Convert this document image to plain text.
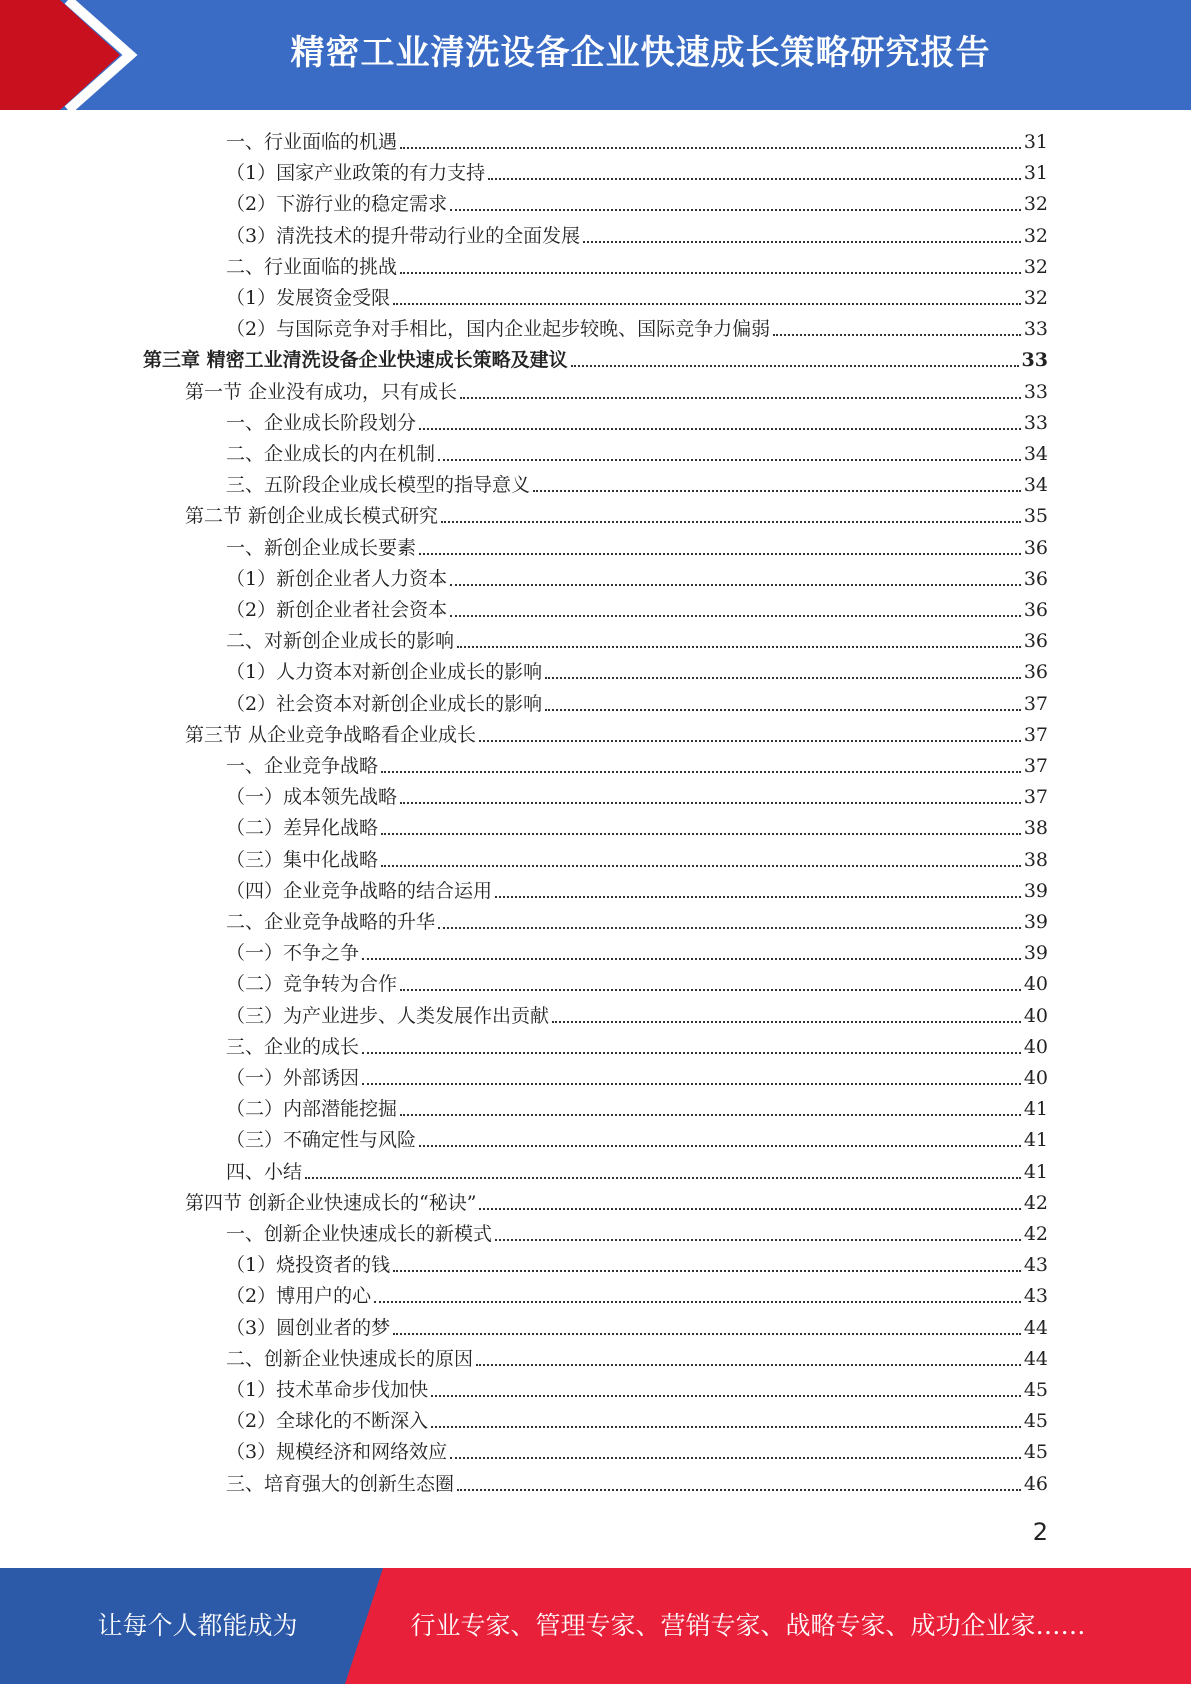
精密工业清洗设备企业快速成长策略研究报告
一、行业面临的机遇	31
（1）国家产业政策的有力支持	31
（2）下游行业的稳定需求	32
（3）清洗技术的提升带动行业的全面发展	32
二、行业面临的挑战	32
（1）发展资金受限	32
（2）与国际竞争对手相比，国内企业起步较晚、国际竞争力偏弱	33
第三章 精密工业清洗设备企业快速成长策略及建议	33
第一节 企业没有成功，只有成长	33
一、企业成长阶段划分	33
二、企业成长的内在机制	34
三、五阶段企业成长模型的指导意义	34
第二节 新创企业成长模式研究	35
一、新创企业成长要素	36
（1）新创企业者人力资本	36
（2）新创企业者社会资本	36
二、对新创企业成长的影响	36
（1）人力资本对新创企业成长的影响	36
（2）社会资本对新创企业成长的影响	37
第三节 从企业竞争战略看企业成长	37
一、企业竞争战略	37
（一）成本领先战略	37
（二）差异化战略	38
（三）集中化战略	38
（四）企业竞争战略的结合运用	39
二、企业竞争战略的升华	39
（一）不争之争	39
（二）竞争转为合作	40
（三）为产业进步、人类发展作出贡献	40
三、企业的成长	40
（一）外部诱因	40
（二）内部潜能挖掘	41
（三）不确定性与风险	41
四、小结	41
第四节 创新企业快速成长的“秘诀”	42
一、创新企业快速成长的新模式	42
（1）烧投资者的钱	43
（2）博用户的心	43
（3）圆创业者的梦	44
二、创新企业快速成长的原因	44
（1）技术革命步伐加快	45
（2）全球化的不断深入	45
（3）规模经济和网络效应	45
三、培育强大的创新生态圈	46
2
让每个人都能成为	行业专家、管理专家、营销专家、战略专家、成功企业家……
